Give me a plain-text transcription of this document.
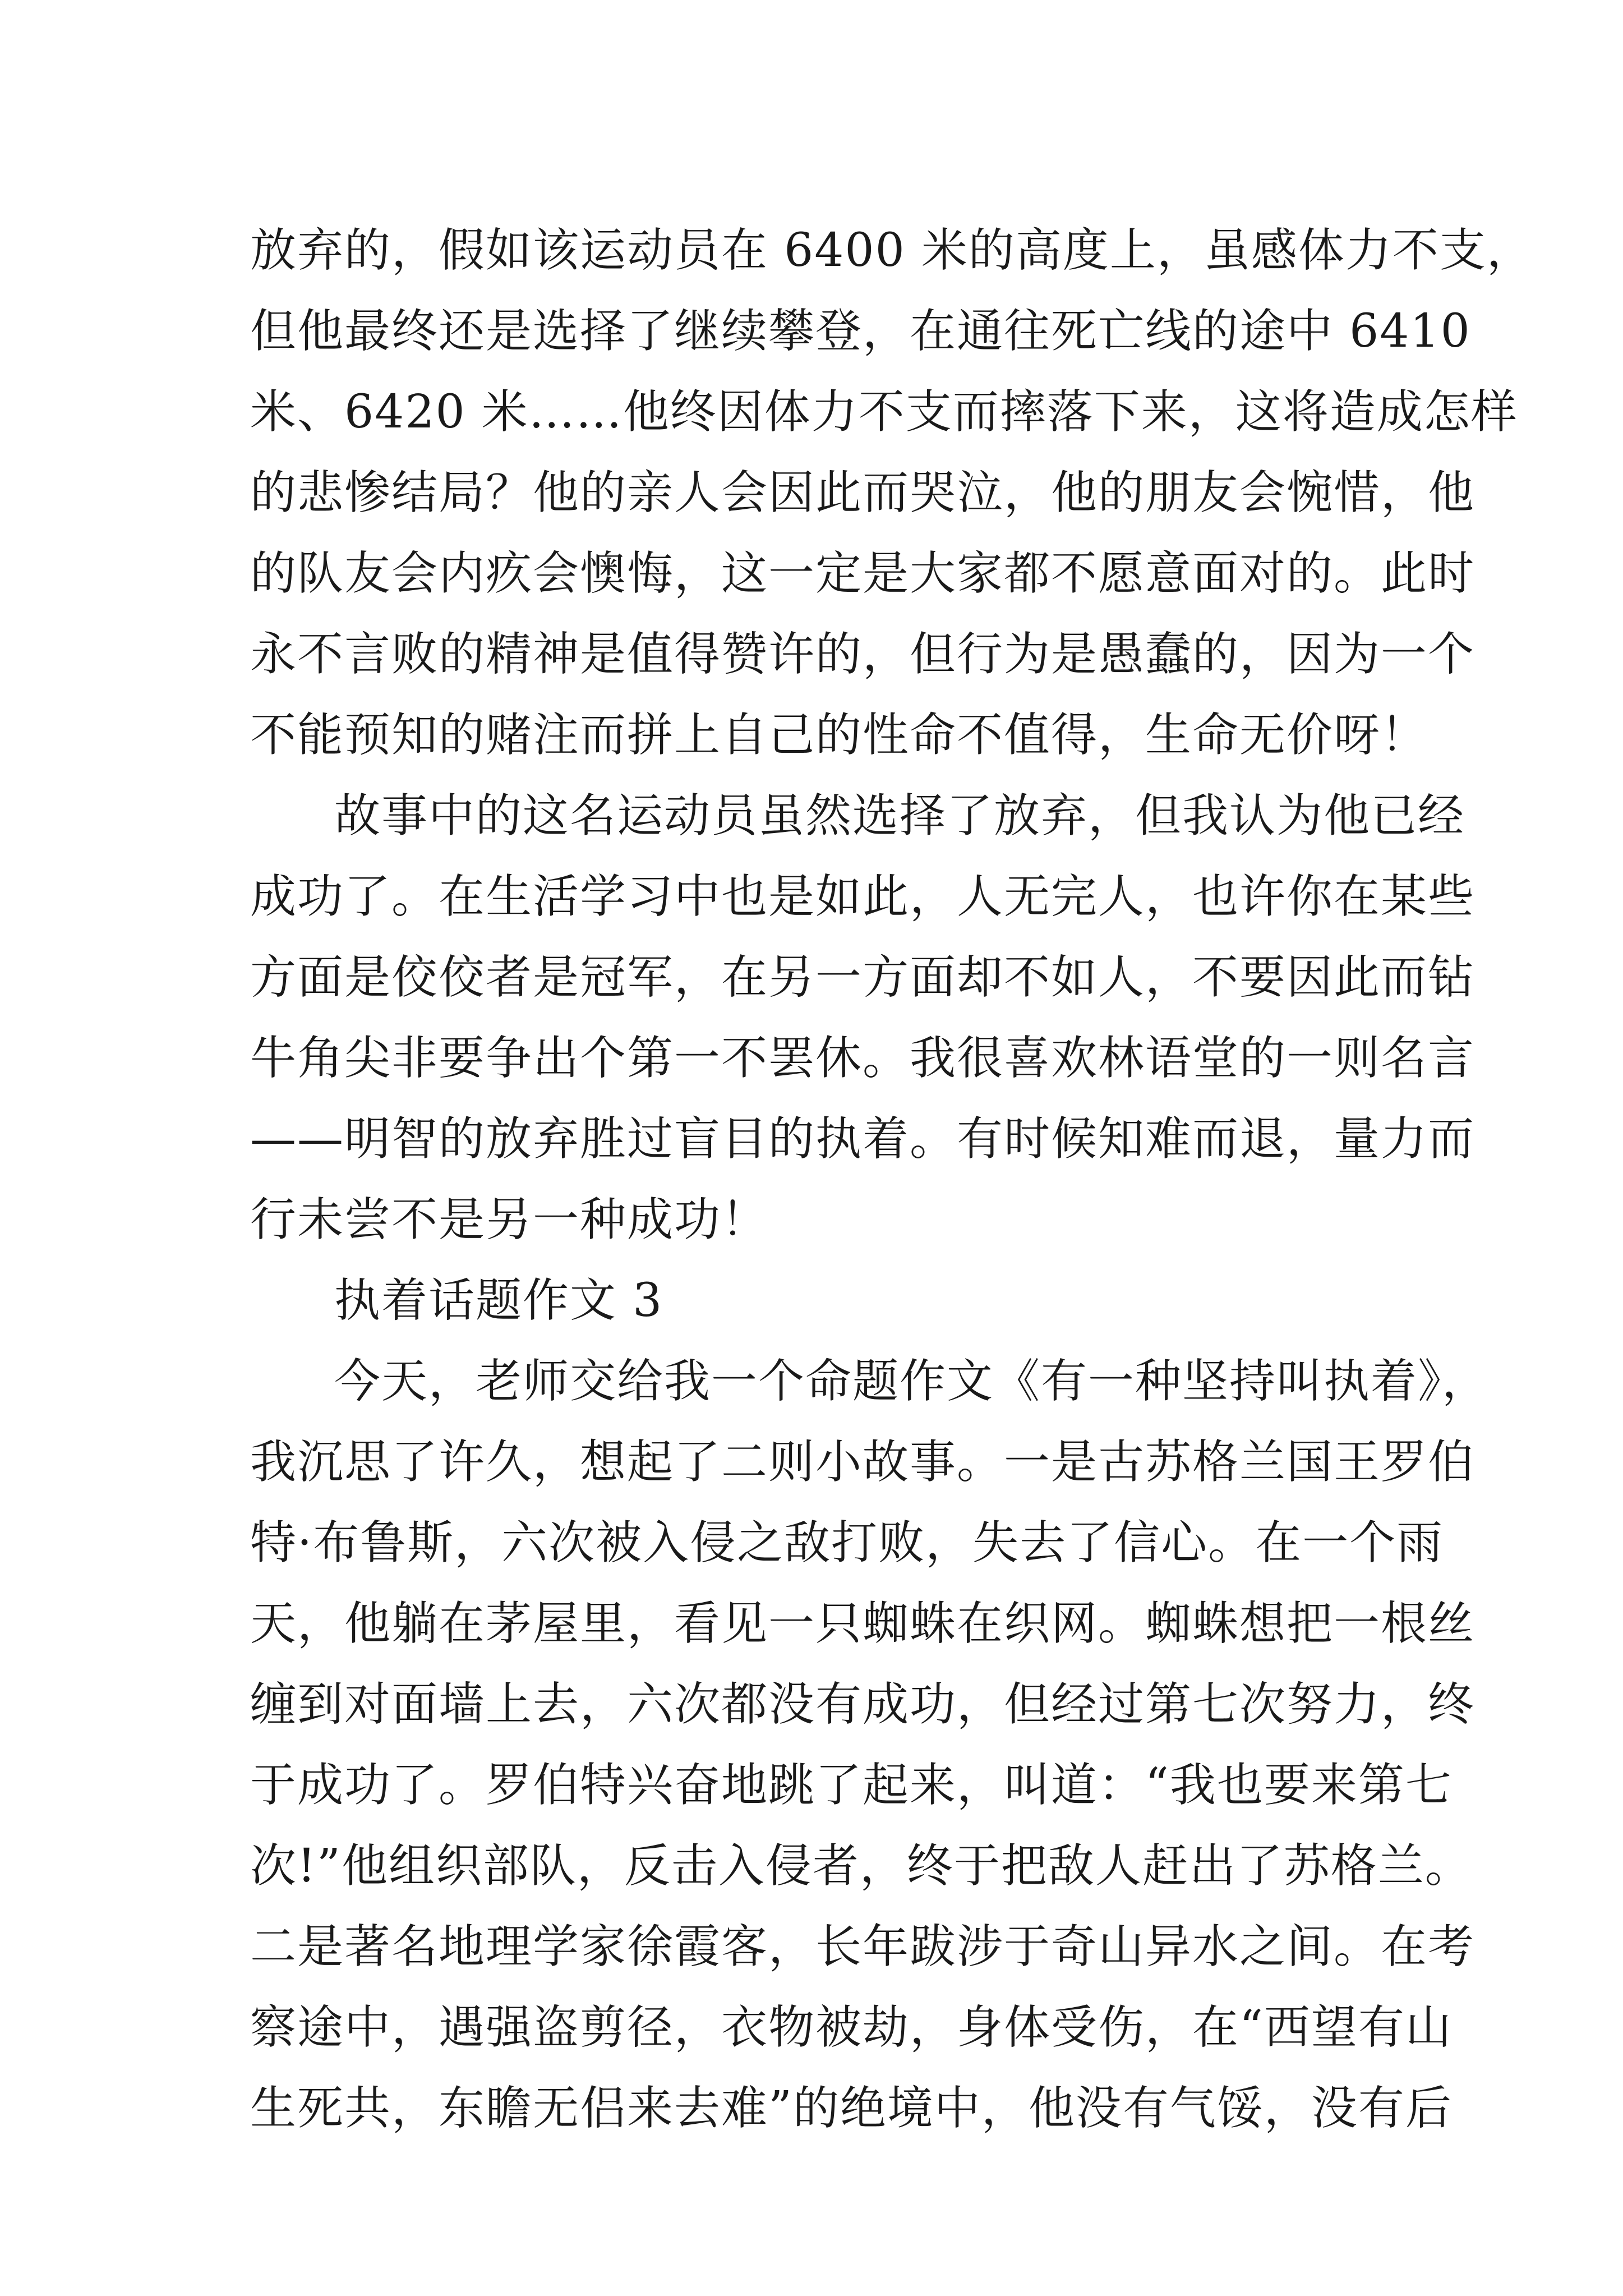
放弃的，假如该运动员在 6400 米的高度上，虽感体力不支，
但他最终还是选择了继续攀登，在通往死亡线的途中 6410
米、6420 米……他终因体力不支而摔落下来，这将造成怎样
的悲惨结局？他的亲人会因此而哭泣，他的朋友会惋惜，他
的队友会内疚会懊悔，这一定是大家都不愿意面对的。此时
永不言败的精神是值得赞许的，但行为是愚蠢的，因为一个
不能预知的赌注而拼上自己的性命不值得，生命无价呀！
故事中的这名运动员虽然选择了放弃，但我认为他已经
成功了。在生活学习中也是如此，人无完人，也许你在某些
方面是佼佼者是冠军，在另一方面却不如人，不要因此而钻
牛角尖非要争出个第一不罢休。我很喜欢林语堂的一则名言
——明智的放弃胜过盲目的执着。有时候知难而退，量力而
行未尝不是另一种成功！
执着话题作文 3
今天，老师交给我一个命题作文《有一种坚持叫执着》，
我沉思了许久，想起了二则小故事。一是古苏格兰国王罗伯
特·布鲁斯，六次被入侵之敌打败，失去了信心。在一个雨
天，他躺在茅屋里，看见一只蜘蛛在织网。蜘蛛想把一根丝
缠到对面墙上去，六次都没有成功，但经过第七次努力，终
于成功了。罗伯特兴奋地跳了起来，叫道：“我也要来第七
次!”他组织部队，反击入侵者，终于把敌人赶出了苏格兰。
二是著名地理学家徐霞客，长年跋涉于奇山异水之间。在考
察途中，遇强盗剪径，衣物被劫，身体受伤，在“西望有山
生死共，东瞻无侣来去难”的绝境中，他没有气馁，没有后
